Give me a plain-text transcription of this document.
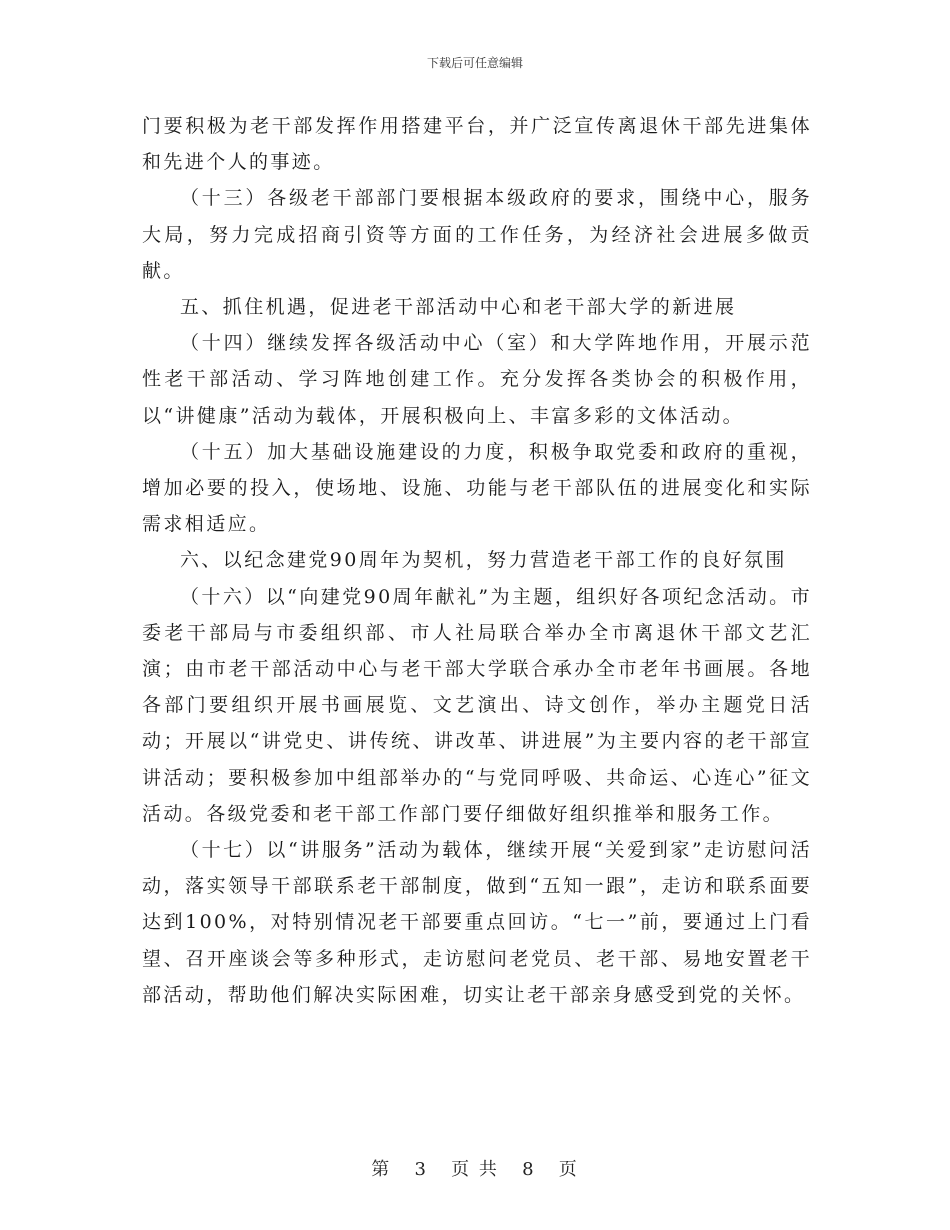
下载后可任意编辑

门要积极为老干部发挥作用搭建平台，并广泛宣传离退休干部先进集体和先进个人的事迹。

（十三）各级老干部部门要根据本级政府的要求，围绕中心，服务大局，努力完成招商引资等方面的工作任务，为经济社会进展多做贡献。

五、抓住机遇，促进老干部活动中心和老干部大学的新进展

（十四）继续发挥各级活动中心（室）和大学阵地作用，开展示范性老干部活动、学习阵地创建工作。充分发挥各类协会的积极作用，以“讲健康”活动为载体，开展积极向上、丰富多彩的文体活动。

（十五）加大基础设施建设的力度，积极争取党委和政府的重视，增加必要的投入，使场地、设施、功能与老干部队伍的进展变化和实际需求相适应。

六、以纪念建党90周年为契机，努力营造老干部工作的良好氛围

（十六）以“向建党90周年献礼”为主题，组织好各项纪念活动。市委老干部局与市委组织部、市人社局联合举办全市离退休干部文艺汇演；由市老干部活动中心与老干部大学联合承办全市老年书画展。各地各部门要组织开展书画展览、文艺演出、诗文创作，举办主题党日活动；开展以“讲党史、讲传统、讲改革、讲进展”为主要内容的老干部宣讲活动；要积极参加中组部举办的“与党同呼吸、共命运、心连心”征文活动。各级党委和老干部工作部门要仔细做好组织推举和服务工作。

（十七）以“讲服务”活动为载体，继续开展“关爱到家”走访慰问活动，落实领导干部联系老干部制度，做到“五知一跟”，走访和联系面要达到100%，对特别情况老干部要重点回访。“七一”前，要通过上门看望、召开座谈会等多种形式，走访慰问老党员、老干部、易地安置老干部活动，帮助他们解决实际困难，切实让老干部亲身感受到党的关怀。

第 3 页 共 8 页
